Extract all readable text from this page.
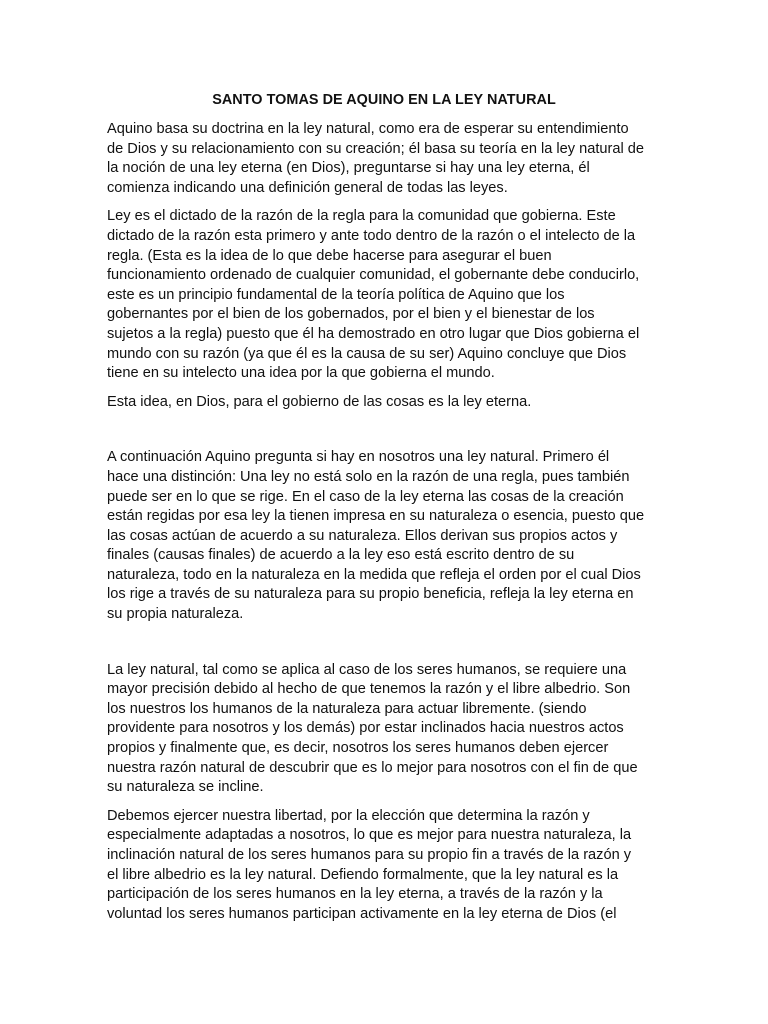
SANTO TOMAS DE AQUINO EN LA LEY NATURAL

Aquino basa su doctrina en la ley natural, como era de esperar su entendimiento
de Dios y su relacionamiento con su creación; él basa su teoría en la ley natural de
la noción de una ley eterna (en Dios), preguntarse si hay una ley eterna, él
comienza indicando una definición general de todas las leyes.

Ley es el dictado de la razón de la regla para la comunidad que gobierna. Este
dictado de la razón esta primero y ante todo dentro de la razón o el intelecto de la
regla. (Esta es la idea de lo que debe hacerse para asegurar el buen
funcionamiento ordenado de cualquier comunidad, el gobernante debe conducirlo,
este es un principio fundamental de la teoría política de Aquino que los
gobernantes por el bien de los gobernados, por el bien y el bienestar de los
sujetos a la regla) puesto que él ha demostrado en otro lugar que Dios gobierna el
mundo con su razón (ya que él es la causa de su ser) Aquino concluye que Dios
tiene en su intelecto una idea por la que gobierna el mundo.

Esta idea, en Dios, para el gobierno de las cosas es la ley eterna.

A continuación Aquino pregunta si hay en nosotros una ley natural. Primero él
hace una distinción: Una ley no está solo en la razón de una regla, pues también
puede ser en lo que se rige. En el caso de la ley eterna las cosas de la creación
están regidas por esa ley la tienen impresa en su naturaleza o esencia, puesto que
las cosas actúan de acuerdo a su naturaleza. Ellos derivan sus propios actos y
finales (causas finales) de acuerdo a la ley eso está escrito dentro de su
naturaleza, todo en la naturaleza en la medida que refleja el orden por el cual Dios
los rige a través de su naturaleza para su propio beneficia, refleja la ley eterna en
su propia naturaleza.

La ley natural, tal como se aplica al caso de los seres humanos, se requiere una
mayor precisión debido al hecho de que tenemos la razón y el libre albedrio. Son
los nuestros los humanos de la naturaleza para actuar libremente. (siendo
providente para nosotros y los demás) por estar inclinados hacia nuestros actos
propios y finalmente que, es decir, nosotros los seres humanos deben ejercer
nuestra razón natural de descubrir que es lo mejor para nosotros con el fin de que
su naturaleza se incline.

Debemos ejercer nuestra libertad, por la elección que determina la razón y
especialmente adaptadas a nosotros, lo que es mejor para nuestra naturaleza, la
inclinación natural de los seres humanos para su propio fin a través de la razón y
el libre albedrio es la ley natural. Defiendo formalmente, que la ley natural es la
participación de los seres humanos en la ley eterna, a través de la razón y la
voluntad los seres humanos participan activamente en la ley eterna de Dios (el
